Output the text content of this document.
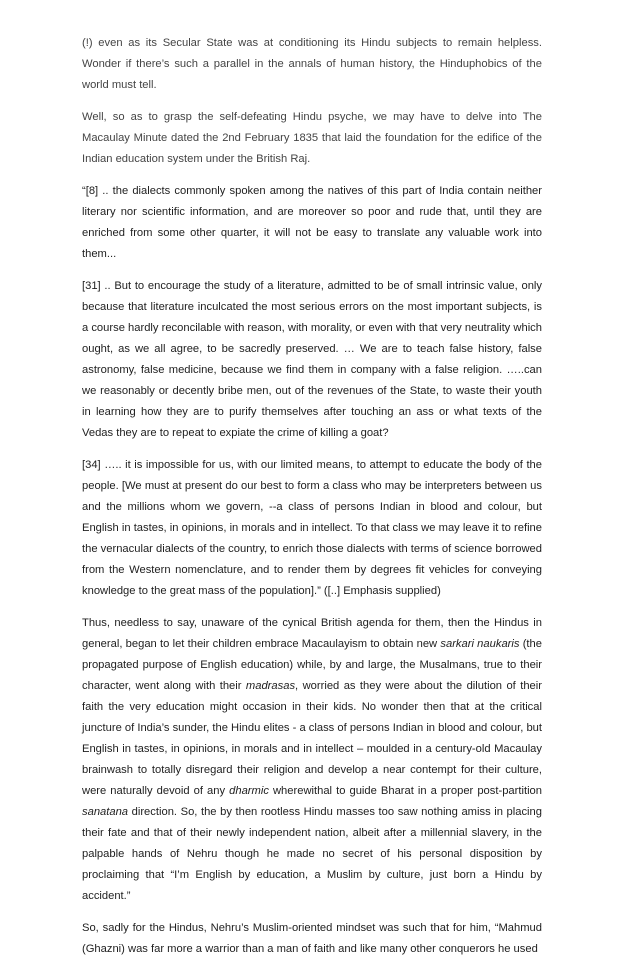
(!) even as its Secular State was at conditioning its Hindu subjects to remain helpless. Wonder if there’s such a parallel in the annals of human history, the Hinduphobics of the world must tell.

Well, so as to grasp the self-defeating Hindu psyche, we may have to delve into The Macaulay Minute dated the 2nd February 1835 that laid the foundation for the edifice of the Indian education system under the British Raj.

“[8] .. the dialects commonly spoken among the natives of this part of India contain neither literary nor scientific information, and are moreover so poor and rude that, until they are enriched from some other quarter, it will not be easy to translate any valuable work into them...

[31] .. But to encourage the study of a literature, admitted to be of small intrinsic value, only because that literature inculcated the most serious errors on the most important subjects, is a course hardly reconcilable with reason, with morality, or even with that very neutrality which ought, as we all agree, to be sacredly preserved. … We are to teach false history, false astronomy, false medicine, because we find them in company with a false religion. …..can we reasonably or decently bribe men, out of the revenues of the State, to waste their youth in learning how they are to purify themselves after touching an ass or what texts of the Vedas they are to repeat to expiate the crime of killing a goat?

[34] ….. it is impossible for us, with our limited means, to attempt to educate the body of the people. [We must at present do our best to form a class who may be interpreters between us and the millions whom we govern, --a class of persons Indian in blood and colour, but English in tastes, in opinions, in morals and in intellect. To that class we may leave it to refine the vernacular dialects of the country, to enrich those dialects with terms of science borrowed from the Western nomenclature, and to render them by degrees fit vehicles for conveying knowledge to the great mass of the population].” ([..] Emphasis supplied)

Thus, needless to say, unaware of the cynical British agenda for them, then the Hindus in general, began to let their children embrace Macaulayism to obtain new sarkari naukaris (the propagated purpose of English education) while, by and large, the Musalmans, true to their character, went along with their madrasas, worried as they were about the dilution of their faith the very education might occasion in their kids. No wonder then that at the critical juncture of India’s sunder, the Hindu elites - a class of persons Indian in blood and colour, but English in tastes, in opinions, in morals and in intellect – moulded in a century-old Macaulay brainwash to totally disregard their religion and develop a near contempt for their culture, were naturally devoid of any dharmic wherewithal to guide Bharat in a proper post-partition sanatana direction. So, the by then rootless Hindu masses too saw nothing amiss in placing their fate and that of their newly independent nation, albeit after a millennial slavery, in the palpable hands of Nehru though he made no secret of his personal disposition by proclaiming that “I’m English by education, a Muslim by culture, just born a Hindu by accident.”

So, sadly for the Hindus, Nehru’s Muslim-oriented mindset was such that for him, “Mahmud (Ghazni) was far more a warrior than a man of faith and like many other conquerors he used
